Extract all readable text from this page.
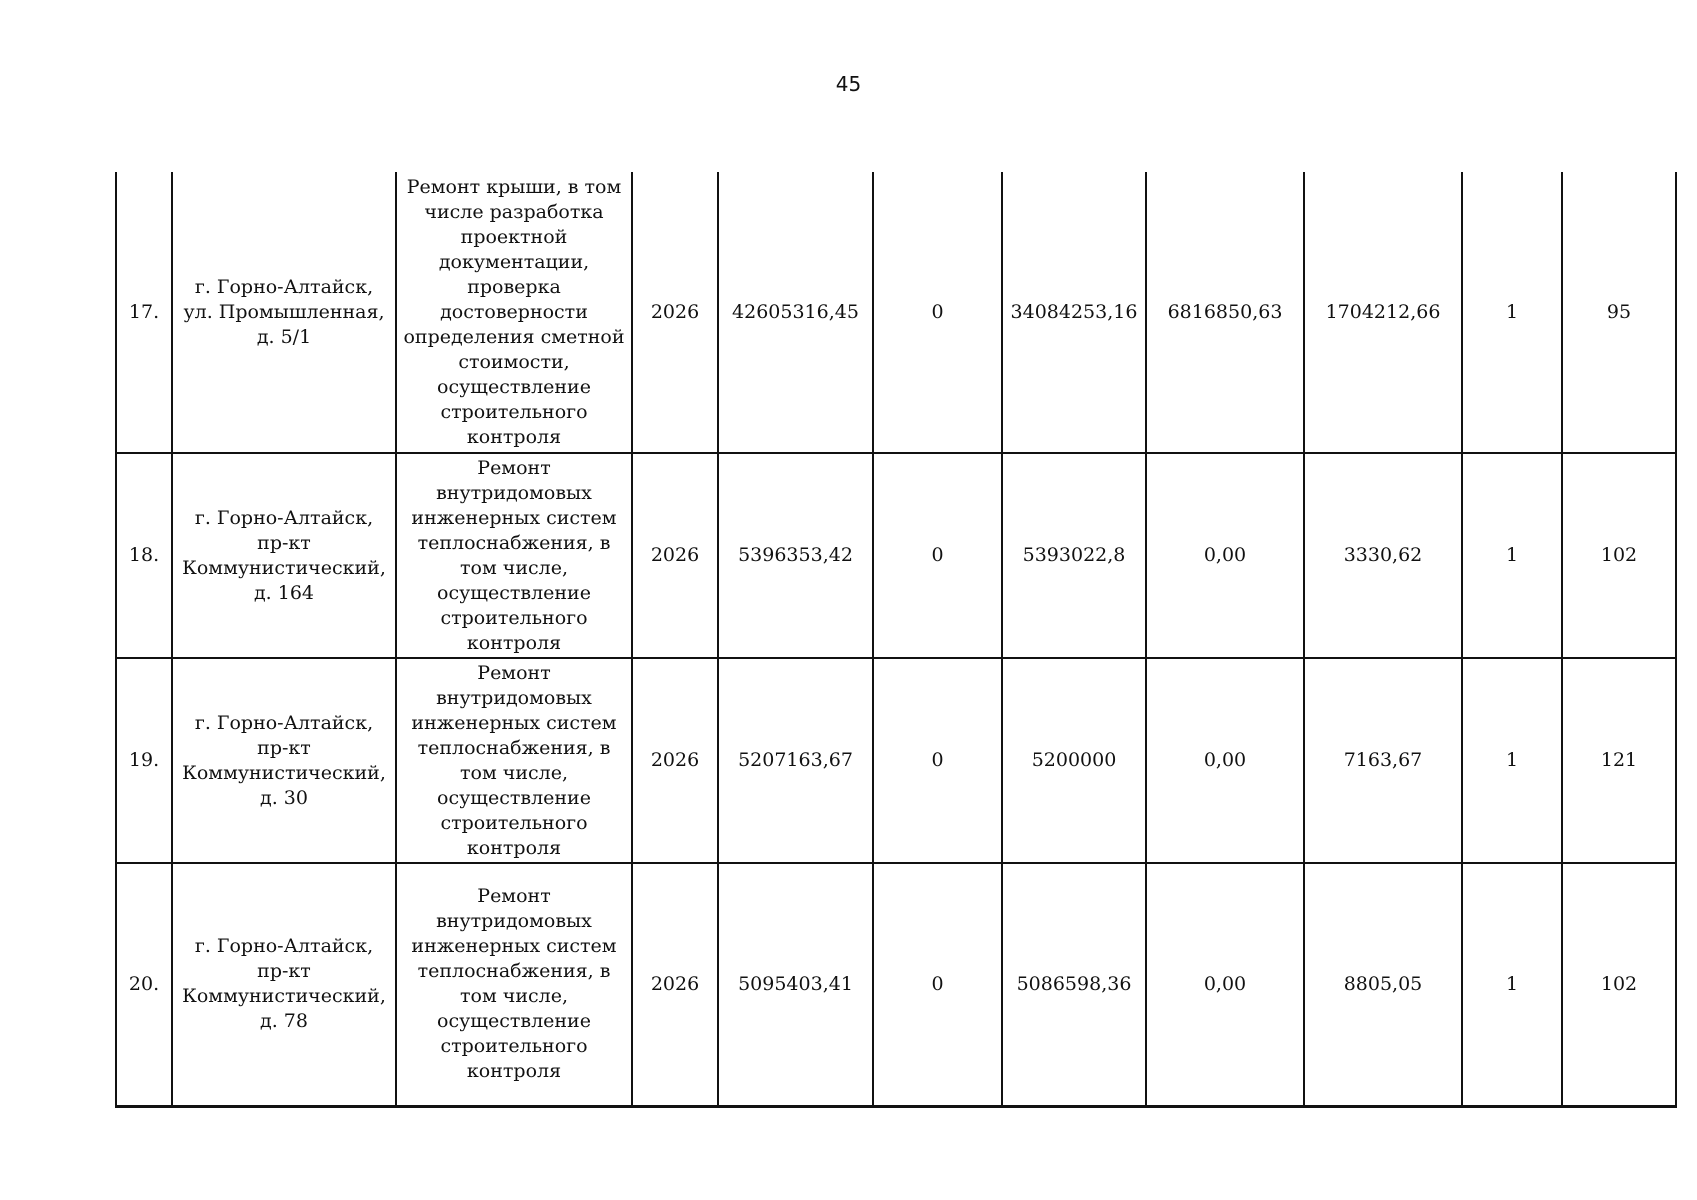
45
17.	г. Горно-Алтайск, ул. Промышленная, д. 5/1	Ремонт крыши, в том числе разработка проектной документации, проверка достоверности определения сметной стоимости, осуществление строительного контроля	2026	42605316,45	0	34084253,16	6816850,63	1704212,66	1	95
18.	г. Горно-Алтайск, пр-кт Коммунистический, д. 164	Ремонт внутридомовых инженерных систем теплоснабжения, в том числе, осуществление строительного контроля	2026	5396353,42	0	5393022,8	0,00	3330,62	1	102
19.	г. Горно-Алтайск, пр-кт Коммунистический, д. 30	Ремонт внутридомовых инженерных систем теплоснабжения, в том числе, осуществление строительного контроля	2026	5207163,67	0	5200000	0,00	7163,67	1	121
20.	г. Горно-Алтайск, пр-кт Коммунистический, д. 78	Ремонт внутридомовых инженерных систем теплоснабжения, в том числе, осуществление строительного контроля	2026	5095403,41	0	5086598,36	0,00	8805,05	1	102
